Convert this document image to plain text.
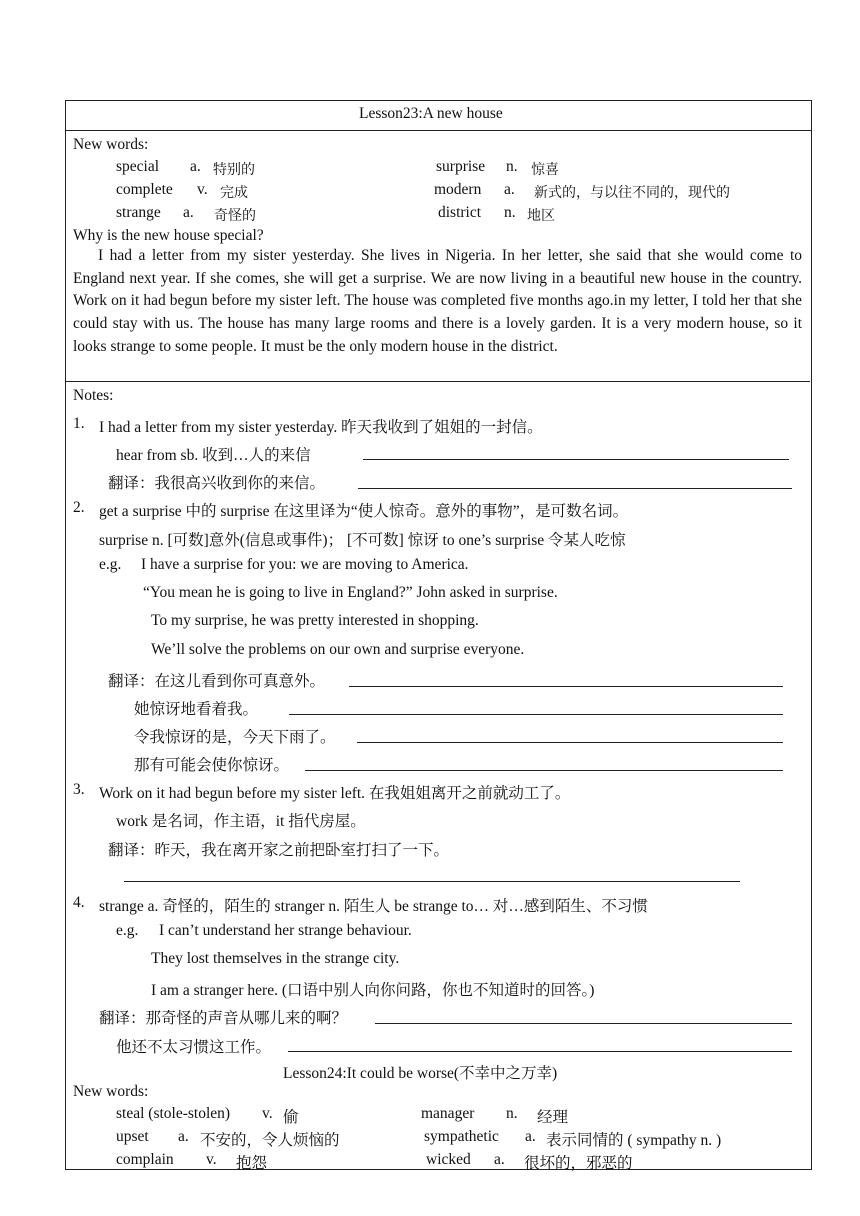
Lesson23:A new house
New words:
special a. 特别的	surprise n. 惊喜
complete v. 完成	modern a. 新式的，与以往不同的，现代的
strange a. 奇怪的	district n. 地区
Why is the new house special?
I had a letter from my sister yesterday. She lives in Nigeria. In her letter, she said that she would come to England next year. If she comes, she will get a surprise. We are now living in a beautiful new house in the country. Work on it had begun before my sister left. The house was completed five months ago.in my letter, I told her that she could stay with us. The house has many large rooms and there is a lovely garden. It is a very modern house, so it looks strange to some people. It must be the only modern house in the district.
Notes:
1. I had a letter from my sister yesterday. 昨天我收到了姐姐的一封信。
hear from sb. 收到…人的来信
翻译：我很高兴收到你的来信。
2. get a surprise 中的 surprise 在这里译为“使人惊奇。意外的事物”，是可数名词。
surprise n. [可数]意外(信息或事件)； [不可数] 惊讶 to one’s surprise 令某人吃惊
e.g. I have a surprise for you: we are moving to America.
“You mean he is going to live in England?” John asked in surprise.
To my surprise, he was pretty interested in shopping.
We’ll solve the problems on our own and surprise everyone.
翻译：在这儿看到你可真意外。
她惊讶地看着我。
令我惊讶的是，今天下雨了。
那有可能会使你惊讶。
3. Work on it had begun before my sister left. 在我姐姐离开之前就动工了。
work 是名词，作主语，it 指代房屋。
翻译：昨天，我在离开家之前把卧室打扫了一下。
4. strange a. 奇怪的，陌生的 stranger n. 陌生人 be strange to… 对…感到陌生、不习惯
e.g. I can’t understand her strange behaviour.
They lost themselves in the strange city.
I am a stranger here. (口语中别人向你问路，你也不知道时的回答。)
翻译：那奇怪的声音从哪儿来的啊？
他还不太习惯这工作。
Lesson24:It could be worse(不幸中之万幸)
New words:
steal (stole-stolen) v. 偷	manager n. 经理
upset a. 不安的，令人烦恼的	sympathetic a. 表示同情的 ( sympathy n. )
complain v. 抱怨	wicked a. 很坏的，邪恶的
